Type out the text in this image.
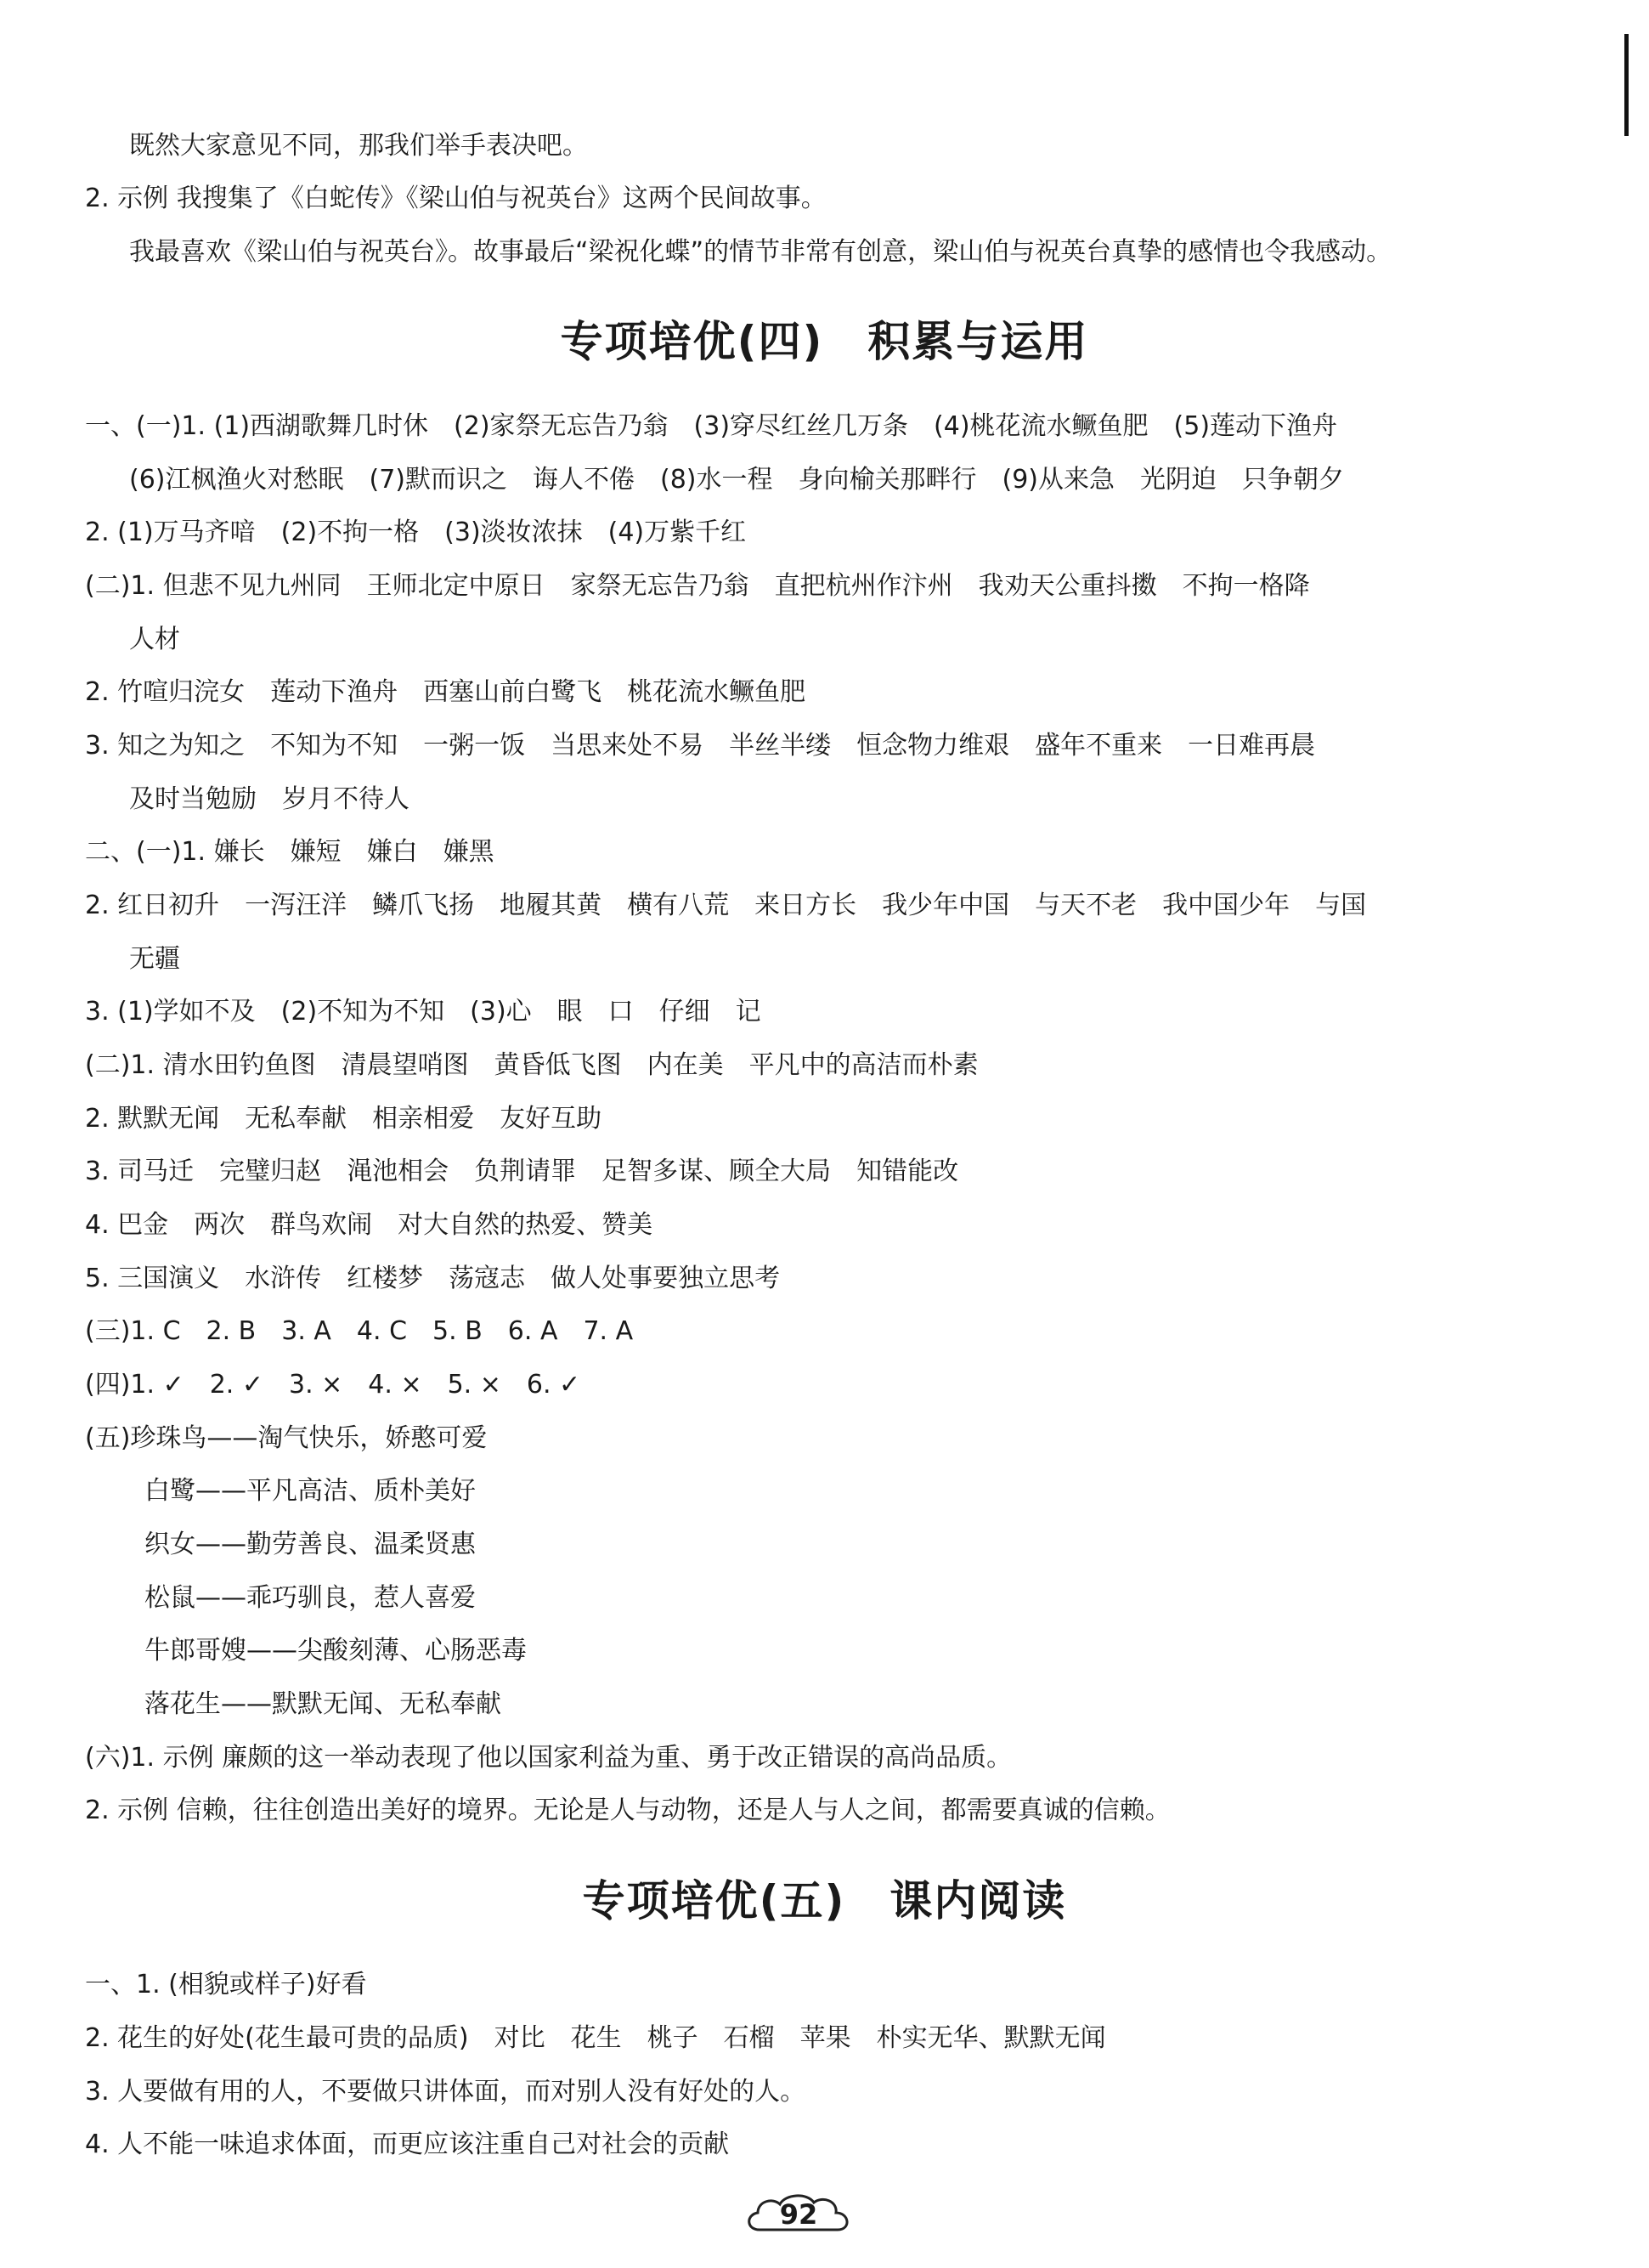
既然大家意见不同，那我们举手表决吧。
2. 示例 我搜集了《白蛇传》《梁山伯与祝英台》这两个民间故事。
我最喜欢《梁山伯与祝英台》。故事最后“梁祝化蝶”的情节非常有创意，梁山伯与祝英台真挚的感情也令我感动。
专项培优(四)　积累与运用
一、(一)1. (1)西湖歌舞几时休　(2)家祭无忘告乃翁　(3)穿尽红丝几万条　(4)桃花流水鳜鱼肥　(5)莲动下渔舟
(6)江枫渔火对愁眠　(7)默而识之　诲人不倦　(8)水一程　身向榆关那畔行　(9)从来急　光阴迫　只争朝夕
2. (1)万马齐喑　(2)不拘一格　(3)淡妆浓抹　(4)万紫千红
(二)1. 但悲不见九州同　王师北定中原日　家祭无忘告乃翁　直把杭州作汴州　我劝天公重抖擞　不拘一格降
人材
2. 竹喧归浣女　莲动下渔舟　西塞山前白鹭飞　桃花流水鳜鱼肥
3. 知之为知之　不知为不知　一粥一饭　当思来处不易　半丝半缕　恒念物力维艰　盛年不重来　一日难再晨
及时当勉励　岁月不待人
二、(一)1. 嫌长　嫌短　嫌白　嫌黑
2. 红日初升　一泻汪洋　鳞爪飞扬　地履其黄　横有八荒　来日方长　我少年中国　与天不老　我中国少年　与国
无疆
3. (1)学如不及　(2)不知为不知　(3)心　眼　口　仔细　记
(二)1. 清水田钓鱼图　清晨望哨图　黄昏低飞图　内在美　平凡中的高洁而朴素
2. 默默无闻　无私奉献　相亲相爱　友好互助
3. 司马迁　完璧归赵　渑池相会　负荆请罪　足智多谋、顾全大局　知错能改
4. 巴金　两次　群鸟欢闹　对大自然的热爱、赞美
5. 三国演义　水浒传　红楼梦　荡寇志　做人处事要独立思考
(三)1. C　2. B　3. A　4. C　5. B　6. A　7. A
(四)1. ✓　2. ✓　3. ×　4. ×　5. ×　6. ✓
(五)珍珠鸟——淘气快乐，娇憨可爱
白鹭——平凡高洁、质朴美好
织女——勤劳善良、温柔贤惠
松鼠——乖巧驯良，惹人喜爱
牛郎哥嫂——尖酸刻薄、心肠恶毒
落花生——默默无闻、无私奉献
(六)1. 示例 廉颇的这一举动表现了他以国家利益为重、勇于改正错误的高尚品质。
2. 示例 信赖，往往创造出美好的境界。无论是人与动物，还是人与人之间，都需要真诚的信赖。
专项培优(五)　课内阅读
一、1. (相貌或样子)好看
2. 花生的好处(花生最可贵的品质)　对比　花生　桃子　石榴　苹果　朴实无华、默默无闻
3. 人要做有用的人，不要做只讲体面，而对别人没有好处的人。
4. 人不能一味追求体面，而更应该注重自己对社会的贡献
92
